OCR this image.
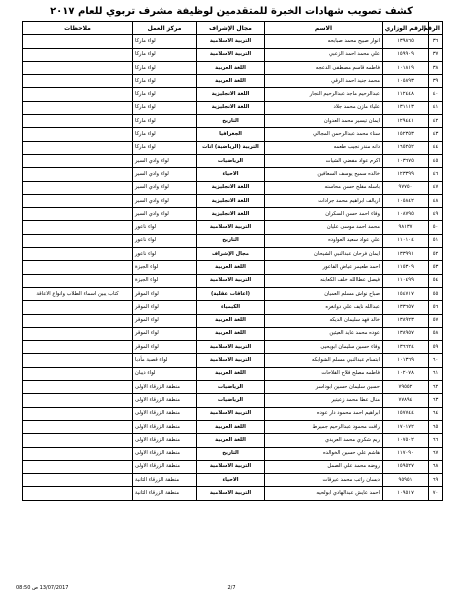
كشف تصويب شهادات الخبرة للمتقدمين لوظيفة مشرف تربوي للعام ٢٠١٧
الرقم	الرقم الوزاري	الاسم	مجال الإشراف	مركز العمل	ملاحظات
٣٦	١٣٩٨٦٥	انوار صبيح محمد صبابحه	التربية الاسلامية	لواء ماركا	
٣٧	١٥٩٩٠٩	علي محمد احمد الزعبي	التربية الاسلامية	لواء ماركا	
٣٨	١٠١٨١٩	فاطمه قاسم مصطفى الدعجه	اللغة العربية	لواء ماركا	
٣٩	١٠٥٨٩٣	محمد جنيد احمد الرقي	اللغة العربية	لواء ماركا	
٤٠	١١٢٤٤٨	عبدالرحيم ماجد عبدالرحيم النجار	اللغة الانجليزية	لواء ماركا	
٤١	١٣١١١٣	علياء مازن محمد جلاد	اللغة الانجليزية	لواء ماركا	
٤٢	١٢٩٤٤١	ايمان تيسير محمد العدوان	التاريخ	لواء ماركا	
٤٣	١٥٢٣٥٣	سناء محمد عبدالرحمن المجالي	الجغرافيا	لواء ماركا	
٤٤	١٦٥٢٥٢	دانه منذر نجيب طعمه	التربية (الرياضية) اناث	لواء ماركا	
٤٥	١٠٣٦٧٥	اكرم عواد مفضي الشيات	الرياضيات	لواء وادي السير	
٤٦	١٢٣٣٩٩	خالده سميح يوسف السعافين	الاحياء	لواء وادي السير	
٤٧	٩٧٧٥٠	باسله مفلح حسن محاسنه	اللغة الانجليزية	لواء وادي السير	
٤٨	١٠٥٨٤٢	اريالف ابراهيم محمد جرادات	اللغة الانجليزية	لواء وادي السير	
٤٩	١٠٨٧٩٥	وفاء احمد حسن السكران	اللغة الانجليزية	لواء وادي السير	
٥٠	٩٨١٣٧	محمد احمد موسى عليان	التربية الاسلامية	لواء ناعور	
٥١	١١٠١٠٤	علي عواد سعيد العواوده	التاريخ	لواء ناعور	
٥٢	١٣٣٩٩١	ايمان فرحان عبدالنبي الشيحان	مجال الإشراف	لواء ناعور	
٥٣	١١٥٣٠٩	احمد طعيمر عياض الفاعور	اللغة العربية	لواء الجيزة	
٥٤	١١٠٤٩٩	فيصل عطاالله خلف الكعابنه	التربية الاسلامية	لواء الجيزة	
٥٥	١٥٤٧١٧	صباح نواش مسلم العميان	(اعاقات عقلية)	لواء الموقر	كتاب يبين اسماء الطلاب وانواع الاعاقة
٥٦	١٣٣٦٥٧	عبدالله نايف علي دوانغره	الكيمياء	لواء الموقر	
٥٧	١٣٨٩٢٣	خالد فهد سليمان الديكه	اللغة العربية	لواء الموقر	
٥٨	١٣٨٩٥٧	عوده محمد عايد العيثين	اللغة العربية	لواء الموقر	
٥٩	١٣٦٦٢٤	وفاء حسين سليمان ابويحيى	التربية الاسلامية	لواء الموقر	
٦٠	١٠١٣٦٩	ابتسام عبدالنبي مسلم الشوابكه	التربية الاسلامية	لواء قصبة مأدبا	
٦١	١٠٢٠٧٨	فاطمه مصلح فلاح الفلاحات	اللغة العربية	لواء ذيبان	
٦٢	٧٩٥٥٢	حسين سليمان حسين ابوداسر	الرياضيات	منطقة الزرقاء الاولى	
٦٣	٧٧٨٩٤	منال عطا محمد زعيتير	الرياضيات	منطقة الزرقاء الاولى	
٦٤	١٥٧٧٤٤	ابراهيم احمد محمود دار عوده	التربية الاسلامية	منطقة الزرقاء الاولى	
٦٥	١٧٠١٧٢	رافت محمود عبدالرحيم جميرط	اللغة العربية	منطقة الزرقاء الاولى	
٦٦	١٠٧٥٠٢	ريم شكري محمد العريدي	اللغة العربية	منطقة الزرقاء الاولى	
٦٧	١١٧٠٩٠	هاشم علي حسين الخوالده	التاريخ	منطقة الزرقاء الاولى	
٦٨	١٥٩٥٢٧	روضه محمد علي الصمل	التربية الاسلامية	منطقة الزرقاء الاولى	
٦٩	٩٥٩٥١	دبسان راتب محمد عيرقات	الاحياء	منطقة الزرقاء الثانية	
٧٠	١٠٩٥١٧	احمد عايش عبدالهادي ابولحيه	التربية الاسلامية	منطقة الزرقاء الثانية	
13/07/2017 ص 08:50	2/7
